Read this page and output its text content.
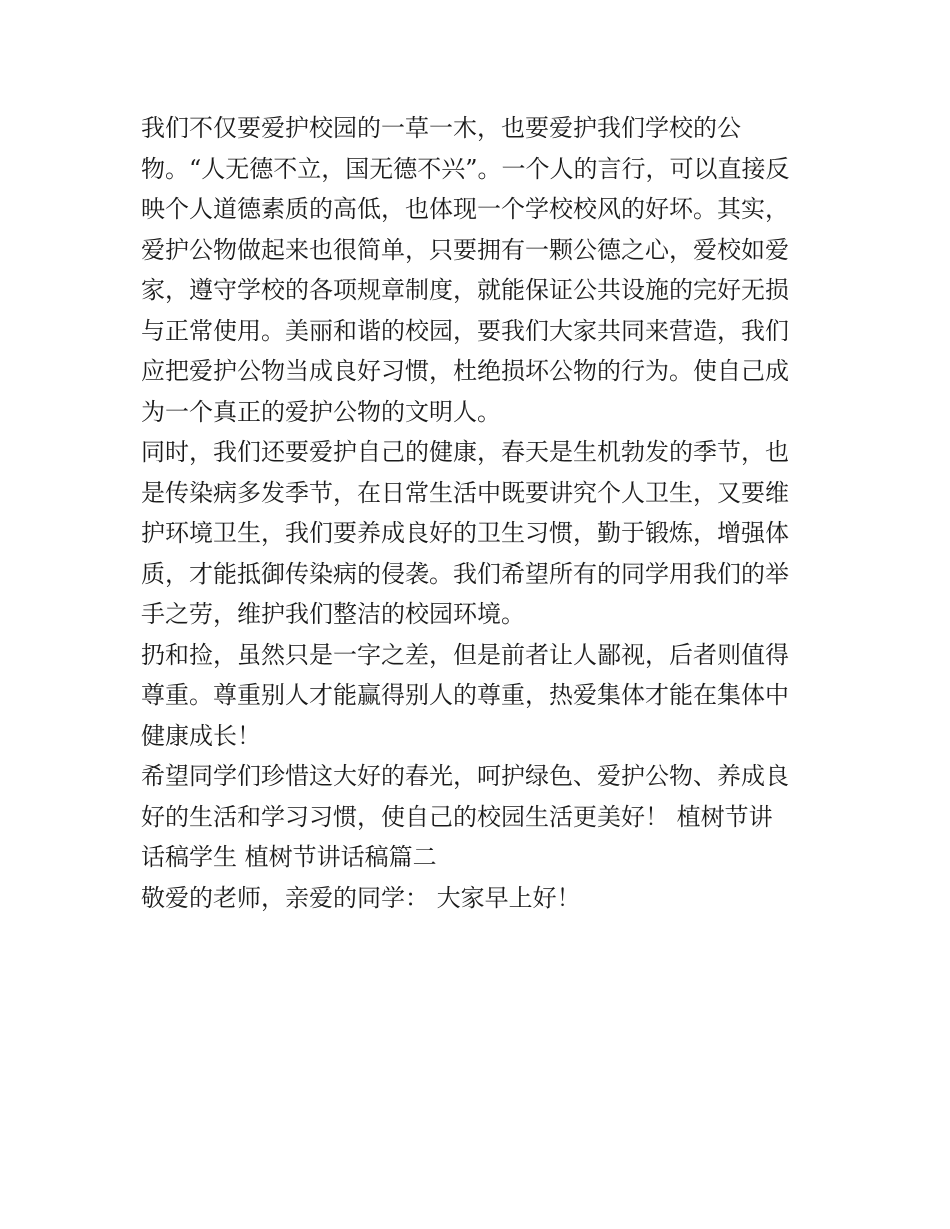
我们不仅要爱护校园的一草一木，也要爱护我们学校的公

物。“人无德不立，国无德不兴”。一个人的言行，可以直接反

映个人道德素质的高低，也体现一个学校校风的好坏。其实，

爱护公物做起来也很简单，只要拥有一颗公德之心，爱校如爱

家，遵守学校的各项规章制度，就能保证公共设施的完好无损

与正常使用。美丽和谐的校园，要我们大家共同来营造，我们

应把爱护公物当成良好习惯，杜绝损坏公物的行为。使自己成

为一个真正的爱护公物的文明人。

同时，我们还要爱护自己的健康，春天是生机勃发的季节，也

是传染病多发季节，在日常生活中既要讲究个人卫生，又要维

护环境卫生，我们要养成良好的卫生习惯，勤于锻炼，增强体

质，才能抵御传染病的侵袭。我们希望所有的同学用我们的举

手之劳，维护我们整洁的校园环境。

扔和捡，虽然只是一字之差，但是前者让人鄙视，后者则值得

尊重。尊重别人才能赢得别人的尊重，热爱集体才能在集体中

健康成长！

希望同学们珍惜这大好的春光，呵护绿色、爱护公物、养成良

好的生活和学习习惯，使自己的校园生活更美好！ 植树节讲

话稿学生 植树节讲话稿篇二

敬爱的老师，亲爱的同学： 大家早上好！
